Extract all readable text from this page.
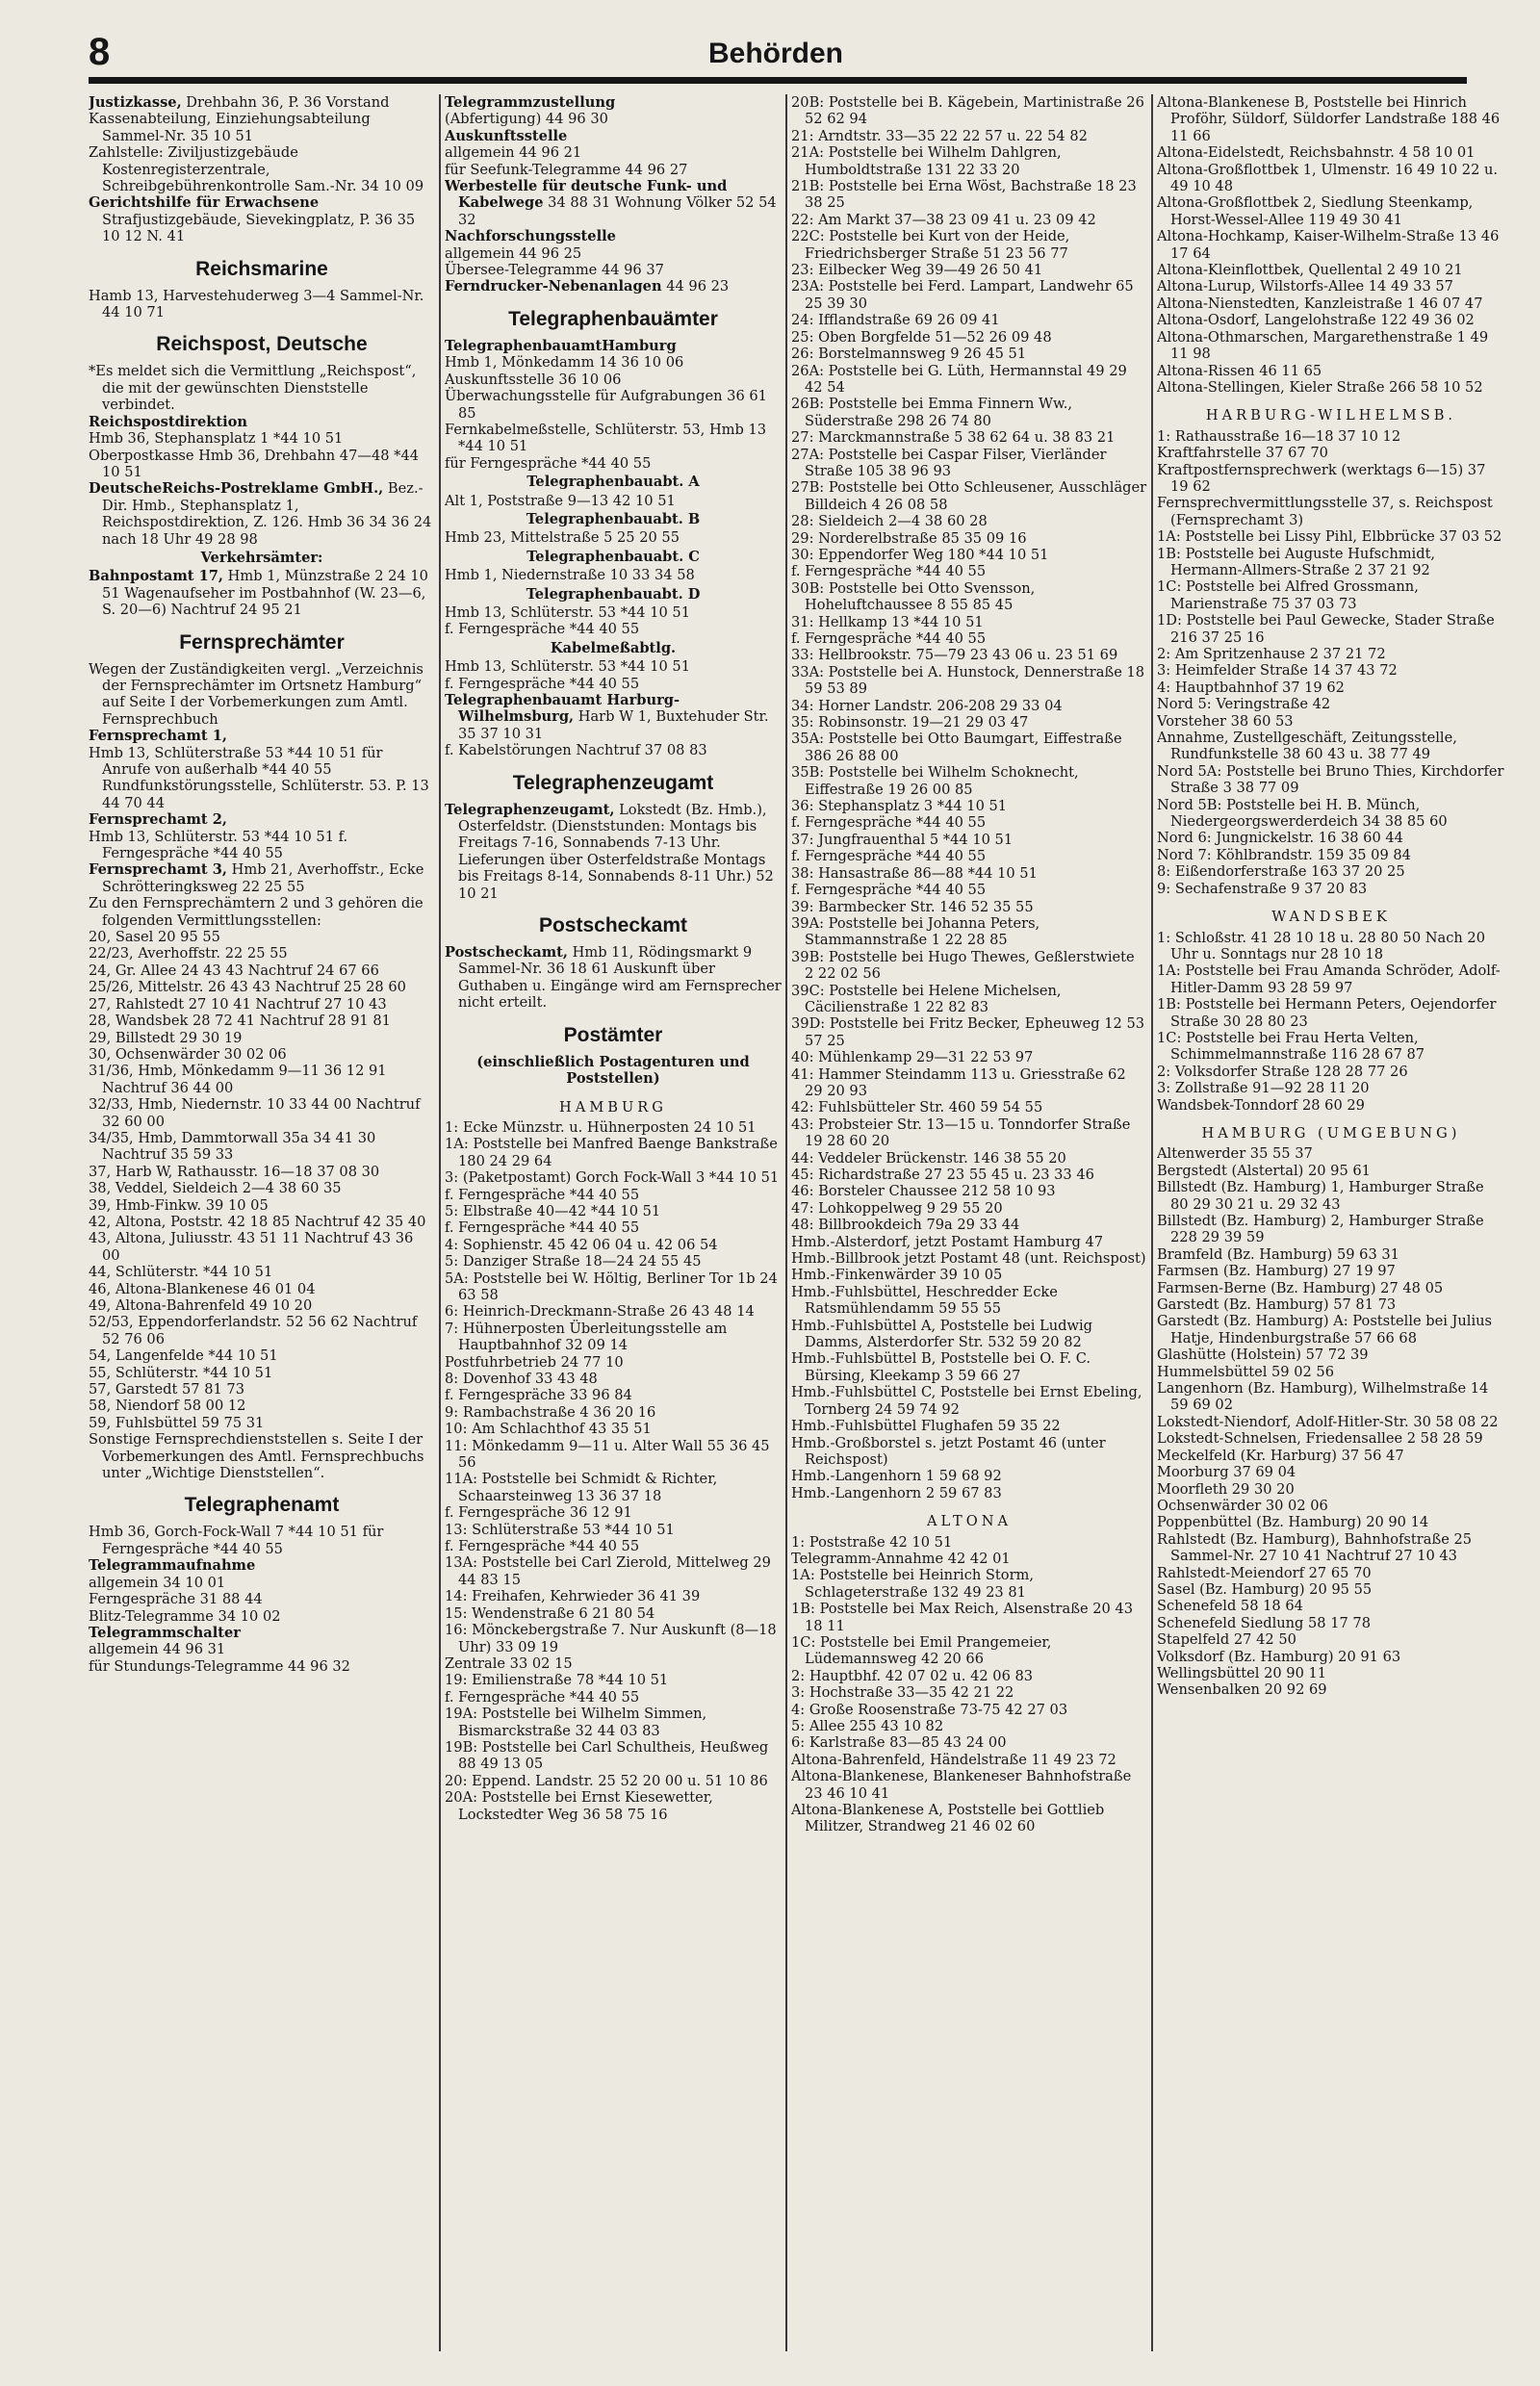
8	Behörden

Justizkasse, Drehbahn 36, P. 36 Vorstand

Kassenabteilung, Einziehungsabteilung Sammel-Nr. 35 10 51

Zahlstelle: Ziviljustizgebäude Kostenregisterzentrale, Schreibgebührenkontrolle Sam.-Nr. 34 10 09

Gerichtshilfe für Erwachsene Strafjustizgebäude, Sievekingplatz, P. 36 35 10 12 N. 41

Reichsmarine

Hamb 13, Harvestehuderweg 3—4 Sammel-Nr. 44 10 71

Reichspost, Deutsche

*Es meldet sich die Vermittlung „Reichspost“, die mit der gewünschten Dienststelle verbindet.

Reichspostdirektion

Hmb 36, Stephansplatz 1 *44 10 51

Oberpostkasse Hmb 36, Drehbahn 47—48 *44 10 51

DeutscheReichs-Postreklame GmbH., Bez.-Dir. Hmb., Stephansplatz 1, Reichspostdirektion, Z. 126. Hmb 36 34 36 24 nach 18 Uhr 49 28 98

Verkehrsämter:

Bahnpostamt 17, Hmb 1, Münzstraße 2 24 10 51 Wagenaufseher im Postbahnhof (W. 23—6, S. 20—6) Nachtruf 24 95 21

Fernsprechämter

Wegen der Zuständigkeiten vergl. „Verzeichnis der Fernsprechämter im Ortsnetz Hamburg“ auf Seite I der Vorbemerkungen zum Amtl. Fernsprechbuch

Fernsprechamt 1,

Hmb 13, Schlüterstraße 53 *44 10 51 für Anrufe von außerhalb *44 40 55 Rundfunkstörungsstelle, Schlüterstr. 53. P. 13 44 70 44

Fernsprechamt 2,

Hmb 13, Schlüterstr. 53 *44 10 51 f. Ferngespräche *44 40 55

Fernsprechamt 3, Hmb 21, Averhoffstr., Ecke Schrötteringksweg 22 25 55

Zu den Fernsprechämtern 2 und 3 gehören die folgenden Vermittlungsstellen:

20, Sasel 20 95 55

22/23, Averhoffstr. 22 25 55

24, Gr. Allee 24 43 43 Nachtruf 24 67 66

25/26, Mittelstr. 26 43 43 Nachtruf 25 28 60

27, Rahlstedt 27 10 41 Nachtruf 27 10 43

28, Wandsbek 28 72 41 Nachtruf 28 91 81

29, Billstedt 29 30 19

30, Ochsenwärder 30 02 06

31/36, Hmb, Mönkedamm 9—11 36 12 91 Nachtruf 36 44 00

32/33, Hmb, Niedernstr. 10 33 44 00 Nachtruf 32 60 00

34/35, Hmb, Dammtorwall 35a 34 41 30 Nachtruf 35 59 33

37, Harb W, Rathausstr. 16—18 37 08 30

38, Veddel, Sieldeich 2—4 38 60 35

39, Hmb-Finkw. 39 10 05

42, Altona, Poststr. 42 18 85 Nachtruf 42 35 40

43, Altona, Juliusstr. 43 51 11 Nachtruf 43 36 00

44, Schlüterstr. *44 10 51

46, Altona-Blankenese 46 01 04

49, Altona-Bahrenfeld 49 10 20

52/53, Eppendorferlandstr. 52 56 62 Nachtruf 52 76 06

54, Langenfelde *44 10 51

55, Schlüterstr. *44 10 51

57, Garstedt 57 81 73

58, Niendorf 58 00 12

59, Fuhlsbüttel 59 75 31

Sonstige Fernsprechdienststellen s. Seite I der Vorbemerkungen des Amtl. Fernsprechbuchs unter „Wichtige Dienststellen“.

Telegraphenamt

Hmb 36, Gorch-Fock-Wall 7 *44 10 51 für Ferngespräche *44 40 55

Telegrammaufnahme

allgemein 34 10 01

Ferngespräche 31 88 44

Blitz-Telegramme 34 10 02

Telegrammschalter

allgemein 44 96 31

für Stundungs-Telegramme 44 96 32

Telegrammzustellung

(Abfertigung) 44 96 30

Auskunftsstelle

allgemein 44 96 21

für Seefunk-Telegramme 44 96 27

Werbestelle für deutsche Funk- und Kabelwege 34 88 31 Wohnung Völker 52 54 32

Nachforschungsstelle

allgemein 44 96 25

Übersee-Telegramme 44 96 37

Ferndrucker-Nebenanlagen 44 96 23

Telegraphenbauämter

TelegraphenbauamtHamburg

Hmb 1, Mönkedamm 14 36 10 06

Auskunftsstelle 36 10 06

Überwachungsstelle für Aufgrabungen 36 61 85

Fernkabelmeßstelle, Schlüterstr. 53, Hmb 13 *44 10 51

für Ferngespräche *44 40 55

Telegraphenbauabt. A

Alt 1, Poststraße 9—13 42 10 51

Telegraphenbauabt. B

Hmb 23, Mittelstraße 5 25 20 55

Telegraphenbauabt. C

Hmb 1, Niedernstraße 10 33 34 58

Telegraphenbauabt. D

Hmb 13, Schlüterstr. 53 *44 10 51

f. Ferngespräche *44 40 55

Kabelmeßabtlg.

Hmb 13, Schlüterstr. 53 *44 10 51

f. Ferngespräche *44 40 55

Telegraphenbauamt Harburg-Wilhelmsburg, Harb W 1, Buxtehuder Str. 35 37 10 31

f. Kabelstörungen Nachtruf 37 08 83

Telegraphenzeugamt

Telegraphenzeugamt, Lokstedt (Bz. Hmb.), Osterfeldstr. (Dienststunden: Montags bis Freitags 7-16, Sonnabends 7-13 Uhr. Lieferungen über Osterfeldstraße Montags bis Freitags 8-14, Sonnabends 8-11 Uhr.) 52 10 21

Postscheckamt

Postscheckamt, Hmb 11, Rödingsmarkt 9 Sammel-Nr. 36 18 61 Auskunft über Guthaben u. Eingänge wird am Fernsprecher nicht erteilt.

Postämter

(einschließlich Postagenturen und Poststellen)

HAMBURG

1: Ecke Münzstr. u. Hühnerposten 24 10 51

1A: Poststelle bei Manfred Baenge Bankstraße 180 24 29 64

3: (Paketpostamt) Gorch Fock-Wall 3 *44 10 51

f. Ferngespräche *44 40 55

5: Elbstraße 40—42 *44 10 51

f. Ferngespräche *44 40 55

4: Sophienstr. 45 42 06 04 u. 42 06 54

5: Danziger Straße 18—24 24 55 45

5A: Poststelle bei W. Höltig, Berliner Tor 1b 24 63 58

6: Heinrich-Dreckmann-Straße 26 43 48 14

7: Hühnerposten Überleitungsstelle am Hauptbahnhof 32 09 14

Postfuhrbetrieb 24 77 10

8: Dovenhof 33 43 48

f. Ferngespräche 33 96 84

9: Rambachstraße 4 36 20 16

10: Am Schlachthof 43 35 51

11: Mönkedamm 9—11 u. Alter Wall 55 36 45 56

11A: Poststelle bei Schmidt & Richter, Schaarsteinweg 13 36 37 18

f. Ferngespräche 36 12 91

13: Schlüterstraße 53 *44 10 51

f. Ferngespräche *44 40 55

13A: Poststelle bei Carl Zierold, Mittelweg 29 44 83 15

14: Freihafen, Kehrwieder 36 41 39

15: Wendenstraße 6 21 80 54

16: Mönckebergstraße 7. Nur Auskunft (8—18 Uhr) 33 09 19

Zentrale 33 02 15

19: Emilienstraße 78 *44 10 51

f. Ferngespräche *44 40 55

19A: Poststelle bei Wilhelm Simmen, Bismarckstraße 32 44 03 83

19B: Poststelle bei Carl Schultheis, Heußweg 88 49 13 05

20: Eppend. Landstr. 25 52 20 00 u. 51 10 86

20A: Poststelle bei Ernst Kiesewetter, Lockstedter Weg 36 58 75 16

20B: Poststelle bei B. Kägebein, Martinistraße 26 52 62 94

21: Arndtstr. 33—35 22 22 57 u. 22 54 82

21A: Poststelle bei Wilhelm Dahlgren, Humboldtstraße 131 22 33 20

21B: Poststelle bei Erna Wöst, Bachstraße 18 23 38 25

22: Am Markt 37—38 23 09 41 u. 23 09 42

22C: Poststelle bei Kurt von der Heide, Friedrichsberger Straße 51 23 56 77

23: Eilbecker Weg 39—49 26 50 41

23A: Poststelle bei Ferd. Lampart, Landwehr 65 25 39 30

24: Ifflandstraße 69 26 09 41

25: Oben Borgfelde 51—52 26 09 48

26: Borstelmannsweg 9 26 45 51

26A: Poststelle bei G. Lüth, Hermannstal 49 29 42 54

26B: Poststelle bei Emma Finnern Ww., Süderstraße 298 26 74 80

27: Marckmannstraße 5 38 62 64 u. 38 83 21

27A: Poststelle bei Caspar Filser, Vierländer Straße 105 38 96 93

27B: Poststelle bei Otto Schleusener, Ausschläger Billdeich 4 26 08 58

28: Sieldeich 2—4 38 60 28

29: Norderelbstraße 85 35 09 16

30: Eppendorfer Weg 180 *44 10 51

f. Ferngespräche *44 40 55

30B: Poststelle bei Otto Svensson, Hoheluftchaussee 8 55 85 45

31: Hellkamp 13 *44 10 51

f. Ferngespräche *44 40 55

33: Hellbrookstr. 75—79 23 43 06 u. 23 51 69

33A: Poststelle bei A. Hunstock, Dennerstraße 18 59 53 89

34: Horner Landstr. 206-208 29 33 04

35: Robinsonstr. 19—21 29 03 47

35A: Poststelle bei Otto Baumgart, Eiffestraße 386 26 88 00

35B: Poststelle bei Wilhelm Schoknecht, Eiffestraße 19 26 00 85

36: Stephansplatz 3 *44 10 51

f. Ferngespräche *44 40 55

37: Jungfrauenthal 5 *44 10 51

f. Ferngespräche *44 40 55

38: Hansastraße 86—88 *44 10 51

f. Ferngespräche *44 40 55

39: Barmbecker Str. 146 52 35 55

39A: Poststelle bei Johanna Peters, Stammannstraße 1 22 28 85

39B: Poststelle bei Hugo Thewes, Geßlerstwiete 2 22 02 56

39C: Poststelle bei Helene Michelsen, Cäcilienstraße 1 22 82 83

39D: Poststelle bei Fritz Becker, Epheuweg 12 53 57 25

40: Mühlenkamp 29—31 22 53 97

41: Hammer Steindamm 113 u. Griesstraße 62 29 20 93

42: Fuhlsbütteler Str. 460 59 54 55

43: Probsteier Str. 13—15 u. Tonndorfer Straße 19 28 60 20

44: Veddeler Brückenstr. 146 38 55 20

45: Richardstraße 27 23 55 45 u. 23 33 46

46: Borsteler Chaussee 212 58 10 93

47: Lohkoppelweg 9 29 55 20

48: Billbrookdeich 79a 29 33 44

Hmb.-Alsterdorf, jetzt Postamt Hamburg 47

Hmb.-Billbrook jetzt Postamt 48 (unt. Reichspost)

Hmb.-Finkenwärder 39 10 05

Hmb.-Fuhlsbüttel, Heschredder Ecke Ratsmühlendamm 59 55 55

Hmb.-Fuhlsbüttel A, Poststelle bei Ludwig Damms, Alsterdorfer Str. 532 59 20 82

Hmb.-Fuhlsbüttel B, Poststelle bei O. F. C. Bürsing, Kleekamp 3 59 66 27

Hmb.-Fuhlsbüttel C, Poststelle bei Ernst Ebeling, Tornberg 24 59 74 92

Hmb.-Fuhlsbüttel Flughafen 59 35 22

Hmb.-Großborstel s. jetzt Postamt 46 (unter Reichspost)

Hmb.-Langenhorn 1 59 68 92

Hmb.-Langenhorn 2 59 67 83

ALTONA

1: Poststraße 42 10 51

Telegramm-Annahme 42 42 01

1A: Poststelle bei Heinrich Storm, Schlageterstraße 132 49 23 81

1B: Poststelle bei Max Reich, Alsenstraße 20 43 18 11

1C: Poststelle bei Emil Prangemeier, Lüdemannsweg 42 20 66

2: Hauptbhf. 42 07 02 u. 42 06 83

3: Hochstraße 33—35 42 21 22

4: Große Roosenstraße 73-75 42 27 03

5: Allee 255 43 10 82

6: Karlstraße 83—85 43 24 00

Altona-Bahrenfeld, Händelstraße 11 49 23 72

Altona-Blankenese, Blankeneser Bahnhofstraße 23 46 10 41

Altona-Blankenese A, Poststelle bei Gottlieb Militzer, Strandweg 21 46 02 60

Altona-Blankenese B, Poststelle bei Hinrich Proföhr, Süldorf, Süldorfer Landstraße 188 46 11 66

Altona-Eidelstedt, Reichsbahnstr. 4 58 10 01

Altona-Großflottbek 1, Ulmenstr. 16 49 10 22 u. 49 10 48

Altona-Großflottbek 2, Siedlung Steenkamp, Horst-Wessel-Allee 119 49 30 41

Altona-Hochkamp, Kaiser-Wilhelm-Straße 13 46 17 64

Altona-Kleinflottbek, Quellental 2 49 10 21

Altona-Lurup, Wilstorfs-Allee 14 49 33 57

Altona-Nienstedten, Kanzleistraße 1 46 07 47

Altona-Osdorf, Langelohstraße 122 49 36 02

Altona-Othmarschen, Margarethenstraße 1 49 11 98

Altona-Rissen 46 11 65

Altona-Stellingen, Kieler Straße 266 58 10 52

HARBURG-WILHELMSB.

1: Rathausstraße 16—18 37 10 12

Kraftfahrstelle 37 67 70

Kraftpostfernsprechwerk (werktags 6—15) 37 19 62

Fernsprechvermittlungsstelle 37, s. Reichspost (Fernsprechamt 3)

1A: Poststelle bei Lissy Pihl, Elbbrücke 37 03 52

1B: Poststelle bei Auguste Hufschmidt, Hermann-Allmers-Straße 2 37 21 92

1C: Poststelle bei Alfred Grossmann, Marienstraße 75 37 03 73

1D: Poststelle bei Paul Gewecke, Stader Straße 216 37 25 16

2: Am Spritzenhause 2 37 21 72

3: Heimfelder Straße 14 37 43 72

4: Hauptbahnhof 37 19 62

Nord 5: Veringstraße 42

Vorsteher 38 60 53

Annahme, Zustellgeschäft, Zeitungsstelle, Rundfunkstelle 38 60 43 u. 38 77 49

Nord 5A: Poststelle bei Bruno Thies, Kirchdorfer Straße 3 38 77 09

Nord 5B: Poststelle bei H. B. Münch, Niedergeorgswerderdeich 34 38 85 60

Nord 6: Jungnickelstr. 16 38 60 44

Nord 7: Köhlbrandstr. 159 35 09 84

8: Eißendorferstraße 163 37 20 25

9: Sechafenstraße 9 37 20 83

WANDSBEK

1: Schloßstr. 41 28 10 18 u. 28 80 50 Nach 20 Uhr u. Sonntags nur 28 10 18

1A: Poststelle bei Frau Amanda Schröder, Adolf-Hitler-Damm 93 28 59 97

1B: Poststelle bei Hermann Peters, Oejendorfer Straße 30 28 80 23

1C: Poststelle bei Frau Herta Velten, Schimmelmannstraße 116 28 67 87

2: Volksdorfer Straße 128 28 77 26

3: Zollstraße 91—92 28 11 20

Wandsbek-Tonndorf 28 60 29

HAMBURG (UMGEBUNG)

Altenwerder 35 55 37

Bergstedt (Alstertal) 20 95 61

Billstedt (Bz. Hamburg) 1, Hamburger Straße 80 29 30 21 u. 29 32 43

Billstedt (Bz. Hamburg) 2, Hamburger Straße 228 29 39 59

Bramfeld (Bz. Hamburg) 59 63 31

Farmsen (Bz. Hamburg) 27 19 97

Farmsen-Berne (Bz. Hamburg) 27 48 05

Garstedt (Bz. Hamburg) 57 81 73

Garstedt (Bz. Hamburg) A: Poststelle bei Julius Hatje, Hindenburgstraße 57 66 68

Glashütte (Holstein) 57 72 39

Hummelsbüttel 59 02 56

Langenhorn (Bz. Hamburg), Wilhelmstraße 14 59 69 02

Lokstedt-Niendorf, Adolf-Hitler-Str. 30 58 08 22

Lokstedt-Schnelsen, Friedensallee 2 58 28 59

Meckelfeld (Kr. Harburg) 37 56 47

Moorburg 37 69 04

Moorfleth 29 30 20

Ochsenwärder 30 02 06

Poppenbüttel (Bz. Hamburg) 20 90 14

Rahlstedt (Bz. Hamburg), Bahnhofstraße 25 Sammel-Nr. 27 10 41 Nachtruf 27 10 43

Rahlstedt-Meiendorf 27 65 70

Sasel (Bz. Hamburg) 20 95 55

Schenefeld 58 18 64

Schenefeld Siedlung 58 17 78

Stapelfeld 27 42 50

Volksdorf (Bz. Hamburg) 20 91 63

Wellingsbüttel 20 90 11

Wensenbalken 20 92 69
